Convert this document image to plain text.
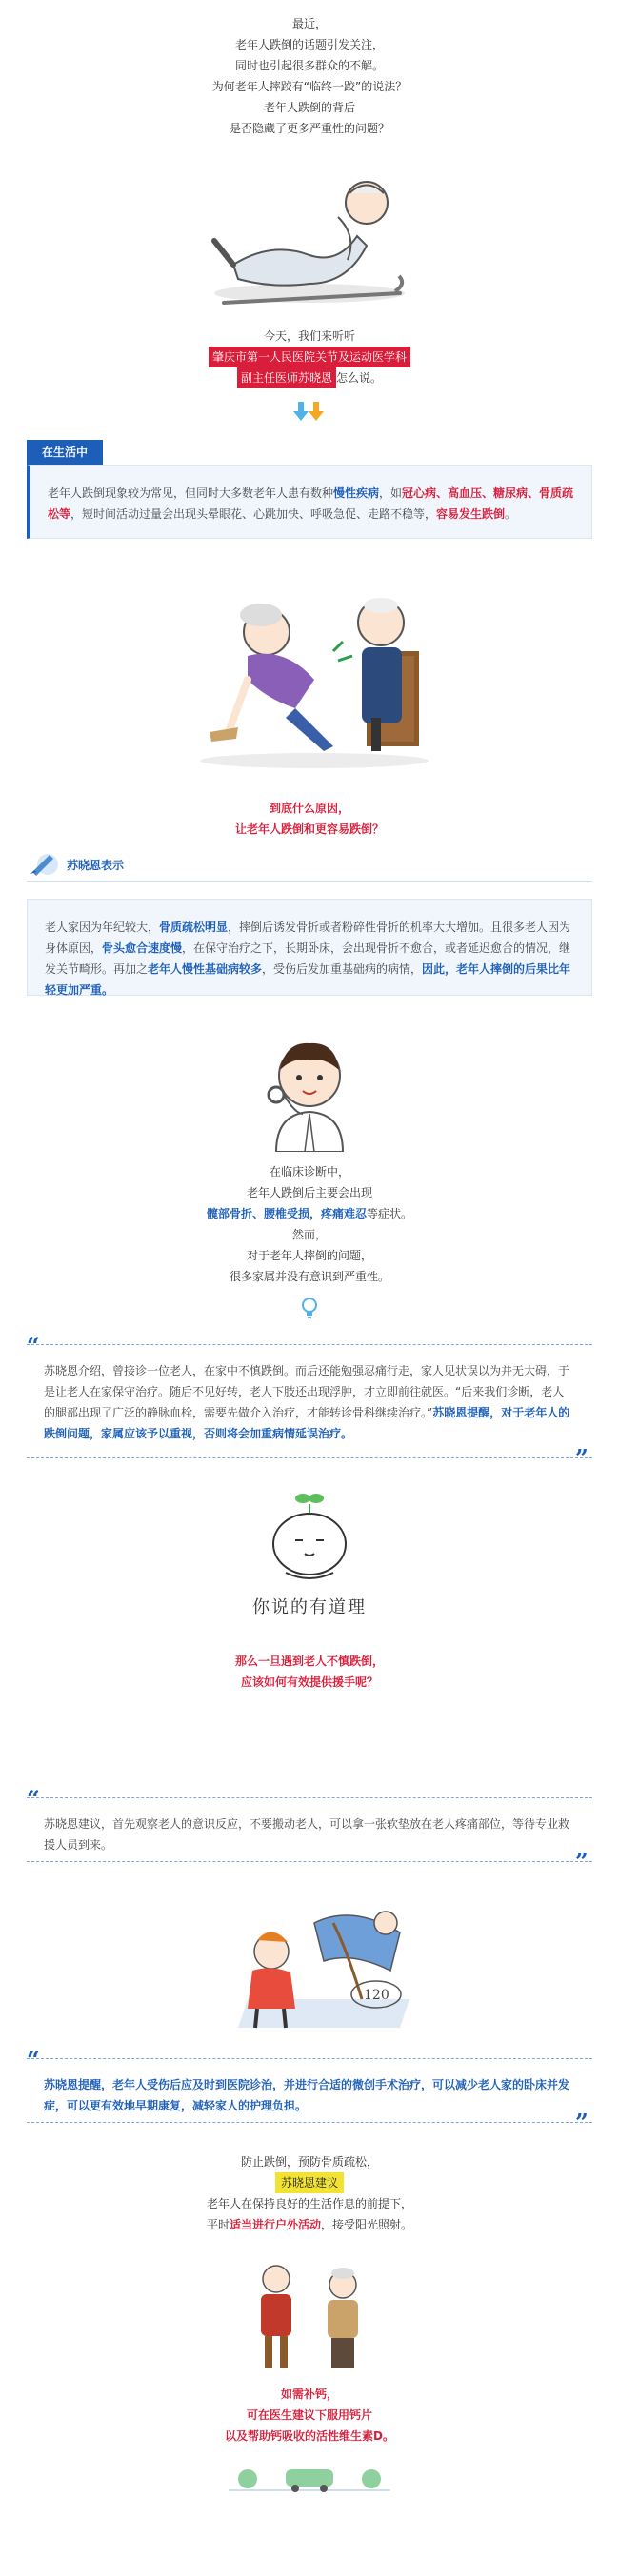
最近，
老年人跌倒的话题引发关注，
同时也引起很多群众的不解。
为何老年人摔跤有“临终一跤”的说法？
老年人跌倒的背后
是否隐藏了更多严重性的问题？
今天，我们来听听
肇庆市第一人民医院关节及运动医学科
副主任医师苏晓恩 怎么说。
在生活中
老年人跌倒现象较为常见，但同时大多数老年人患有数种慢性疾病，如冠心病、高血压、糖尿病、骨质疏松等，短时间活动过量会出现头晕眼花、心跳加快、呼吸急促、走路不稳等，容易发生跌倒。
到底什么原因，
让老年人跌倒和更容易跌倒？
苏晓恩表示
老人家因为年纪较大，骨质疏松明显，摔倒后诱发骨折或者粉碎性骨折的机率大大增加。且很多老人因为身体原因，骨头愈合速度慢，在保守治疗之下，长期卧床，会出现骨折不愈合，或者延迟愈合的情况，继发关节畸形。再加之老年人慢性基础病较多，受伤后发加重基础病的病情，因此，老年人摔倒的后果比年轻更加严重。
在临床诊断中，
老年人跌倒后主要会出现
髋部骨折、腰椎受损，疼痛难忍等症状。
然而，
对于老年人摔倒的问题，
很多家属并没有意识到严重性。
苏晓恩介绍，曾接诊一位老人，在家中不慎跌倒。而后还能勉强忍痛行走，家人见状误以为并无大碍，于是让老人在家保守治疗。随后不见好转，老人下肢还出现浮肿，才立即前往就医。“后来我们诊断，老人的腿部出现了广泛的静脉血栓，需要先做介入治疗，才能转诊骨科继续治疗。”苏晓恩提醒，对于老年人的跌倒问题，家属应该予以重视，否则将会加重病情延误治疗。
“
”
你说的有道理
那么一旦遇到老人不慎跌倒，
应该如何有效提供援手呢？
苏晓恩建议，首先观察老人的意识反应，不要搬动老人，可以拿一张软垫放在老人疼痛部位，等待专业救援人员到来。
“
”
120
苏晓恩提醒，老年人受伤后应及时到医院诊治，并进行合适的微创手术治疗，可以减少老人家的卧床并发症，可以更有效地早期康复，减轻家人的护理负担。
“
”
防止跌倒，预防骨质疏松，
苏晓恩建议
老年人在保持良好的生活作息的前提下，
平时适当进行户外活动，接受阳光照射。
如需补钙，
可在医生建议下服用钙片
以及帮助钙吸收的活性维生素D。
